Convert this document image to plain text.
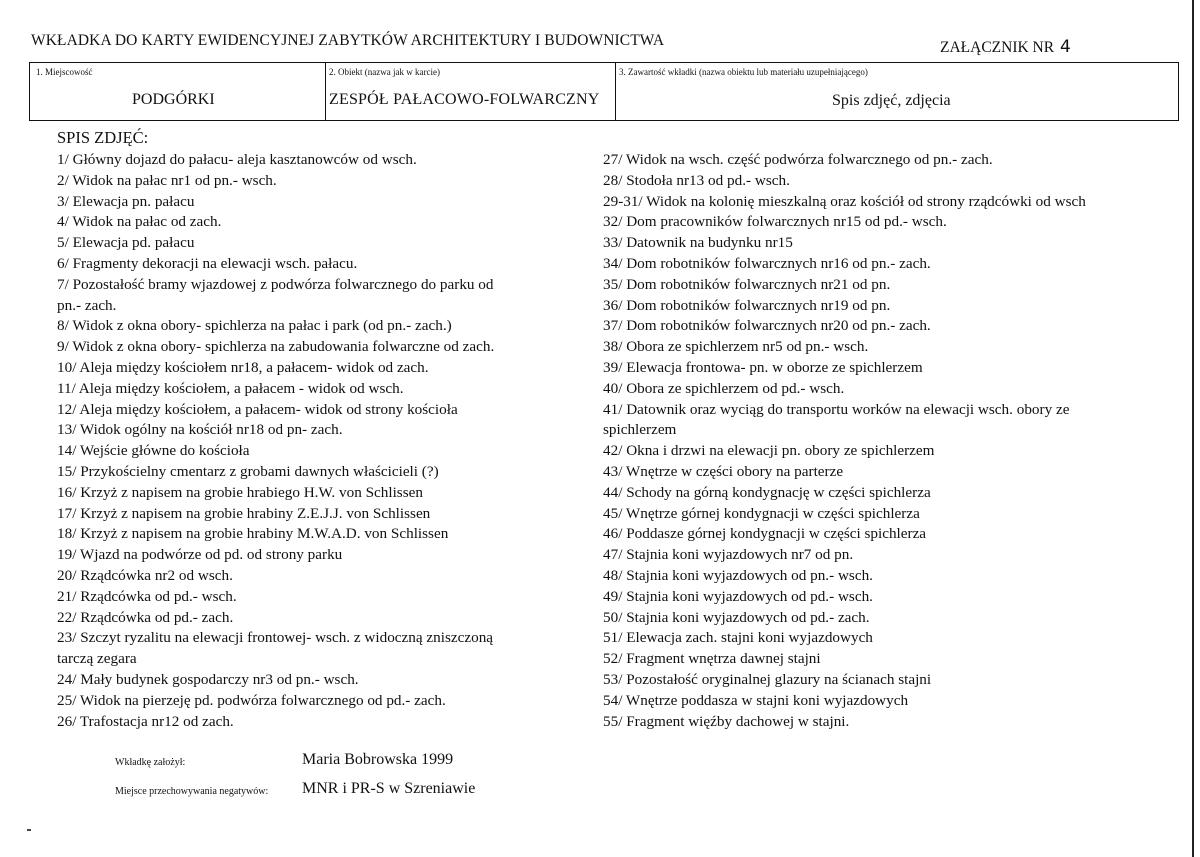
WKŁADKA DO KARTY EWIDENCYJNEJ ZABYTKÓW ARCHITEKTURY I BUDOWNICTWA	ZAŁĄCZNIK NR 4
1. Miejscowość
PODGÓRKI
2. Obiekt (nazwa jak w karcie)
ZESPÓŁ PAŁACOWO-FOLWARCZNY
3. Zawartość wkładki (nazwa obiektu lub materiału uzupełniającego)
Spis zdjęć, zdjęcia
SPIS ZDJĘĆ:
1/ Główny dojazd do pałacu- aleja kasztanowców od wsch.
2/ Widok na pałac nr1 od pn.- wsch.
3/ Elewacja pn. pałacu
4/ Widok na pałac od zach.
5/ Elewacja pd. pałacu
6/ Fragmenty dekoracji na elewacji wsch. pałacu.
7/ Pozostałość bramy wjazdowej z podwórza folwarcznego do parku od
pn.- zach.
8/ Widok z okna obory- spichlerza na pałac i park (od pn.- zach.)
9/ Widok z okna obory- spichlerza na zabudowania folwarczne od zach.
10/ Aleja między kościołem nr18, a pałacem- widok od zach.
11/ Aleja między kościołem, a pałacem - widok od wsch.
12/ Aleja między kościołem, a pałacem- widok od strony kościoła
13/ Widok ogólny na kościół nr18 od pn- zach.
14/ Wejście główne do kościoła
15/ Przykościelny cmentarz z grobami dawnych właścicieli (?)
16/ Krzyż z napisem na grobie hrabiego H.W. von Schlissen
17/ Krzyż z napisem na grobie hrabiny Z.E.J.J. von Schlissen
18/ Krzyż z napisem na grobie hrabiny M.W.A.D. von Schlissen
19/ Wjazd na podwórze od pd. od strony parku
20/ Rządcówka nr2 od wsch.
21/ Rządcówka od pd.- wsch.
22/ Rządcówka od pd.- zach.
23/ Szczyt ryzalitu na elewacji frontowej- wsch. z widoczną zniszczoną
tarczą zegara
24/ Mały budynek gospodarczy nr3 od pn.- wsch.
25/ Widok na pierzeję pd. podwórza folwarcznego od pd.- zach.
26/ Trafostacja nr12 od zach.
27/ Widok na wsch. część podwórza folwarcznego od pn.- zach.
28/ Stodoła nr13 od pd.- wsch.
29-31/ Widok na kolonię mieszkalną oraz kościół od strony rządcówki od wsch
32/ Dom pracowników folwarcznych nr15 od pd.- wsch.
33/ Datownik na budynku nr15
34/ Dom robotników folwarcznych nr16 od pn.- zach.
35/ Dom robotników folwarcznych nr21 od pn.
36/ Dom robotników folwarcznych nr19 od pn.
37/ Dom robotników folwarcznych nr20 od pn.- zach.
38/ Obora ze spichlerzem nr5 od pn.- wsch.
39/ Elewacja frontowa- pn. w oborze ze spichlerzem
40/ Obora ze spichlerzem od pd.- wsch.
41/ Datownik oraz wyciąg do transportu worków na elewacji wsch. obory ze
spichlerzem
42/ Okna i drzwi na elewacji pn. obory ze spichlerzem
43/ Wnętrze w części obory na parterze
44/ Schody na górną kondygnację w części spichlerza
45/ Wnętrze górnej kondygnacji w części spichlerza
46/ Poddasze górnej kondygnacji w części spichlerza
47/ Stajnia koni wyjazdowych nr7 od pn.
48/ Stajnia koni wyjazdowych od pn.- wsch.
49/ Stajnia koni wyjazdowych od pd.- wsch.
50/ Stajnia koni wyjazdowych od pd.- zach.
51/ Elewacja zach. stajni koni wyjazdowych
52/ Fragment wnętrza dawnej stajni
53/ Pozostałość oryginalnej glazury na ścianach stajni
54/ Wnętrze poddasza w stajni koni wyjazdowych
55/ Fragment więźby dachowej w stajni.
Wkładkę założył:	Maria Bobrowska 1999
Miejsce przechowywania negatywów: MNR i PR-S w Szreniawie
